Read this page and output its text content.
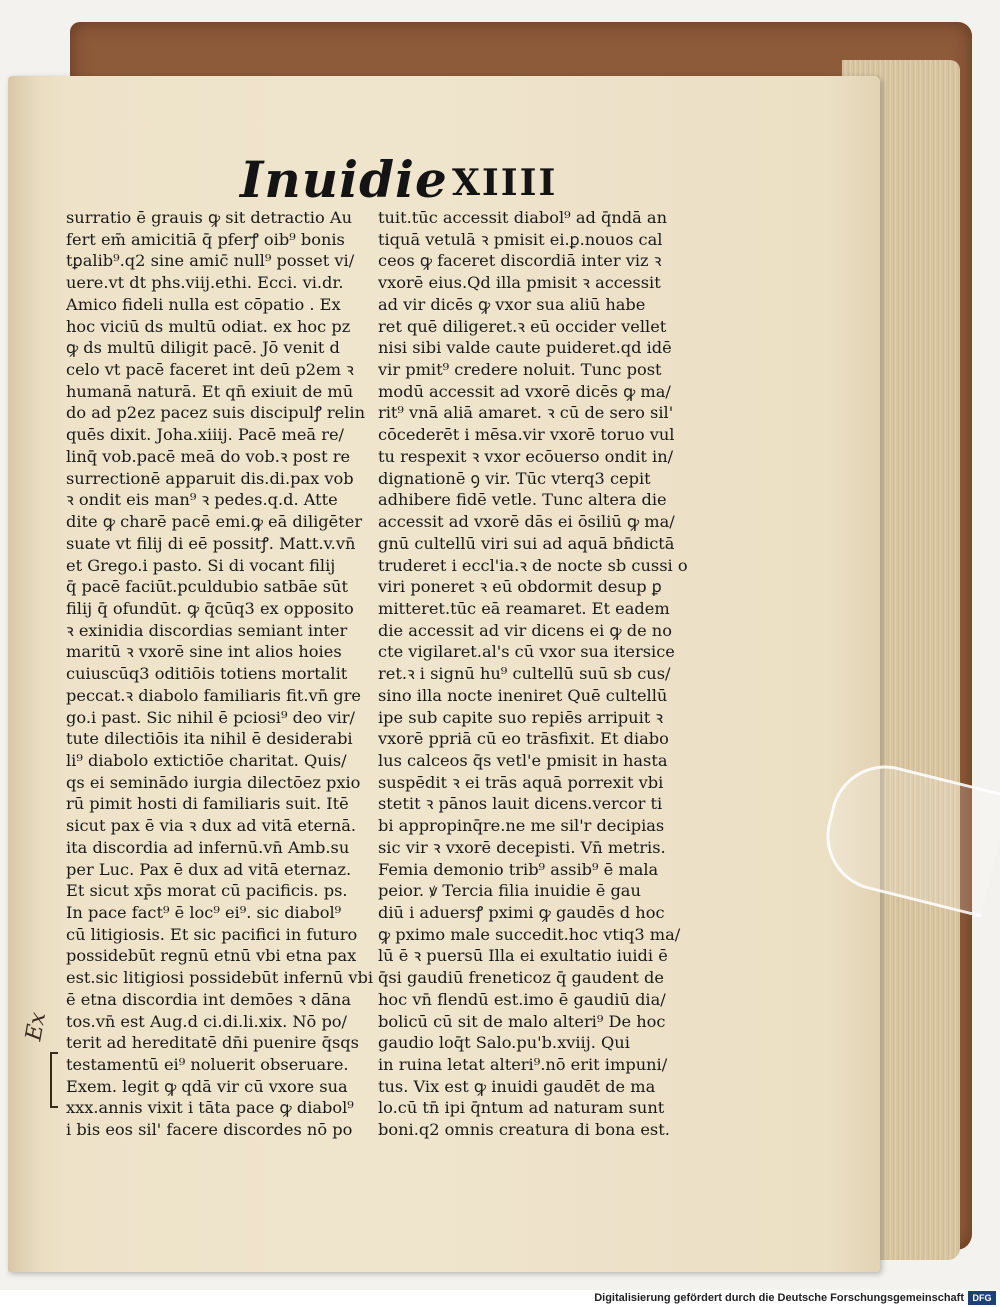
Inuidie XIIII
surratio ē grauis ꝙ sit detractio Au
fert em̄ amicitiā q̄ pferꝭ oib⁹ bonis
tꝑalib⁹.q2 sine amic̄ null⁹ posset vi/
uere.vt dt phs.viij.ethi. Ecci. vi.dr.
Amico fideli nulla est cōpatio . Ex
hoc viciū ds multū odiat. ex hoc pz
ꝙ ds multū diligit pacē. Jō venit d
celo vt pacē faceret int deū p2em ꝛ
humanā naturā. Et qn̄ exiuit de mū
do ad p2ez pacez suis discipulꝭ relin
quēs dixit. Joha.xiiij. Pacē meā re/
linq̄ vob.pacē meā do vob.ꝛ post re
surrectionē apparuit dis.di.pax vob
ꝛ ondit eis man⁹ ꝛ pedes.q.d. Atte
dite ꝙ charē pacē emi.ꝙ eā diligēter
suate vt filij di eē possitꝭ. Matt.v.vn̄
et Grego.i pasto. Si di vocant filij
q̄ pacē faciūt.pculdubio satbāe sūt
filij q̄ ofundūt. ꝙ q̄cūq3 ex opposito
ꝛ exinidia discordias semiant inter
maritū ꝛ vxorē sine int alios hoies
cuiuscūq3 oditiōis totiens mortalit
peccat.ꝛ diabolo familiaris fit.vn̄ gre
go.i past. Sic nihil ē pciosi⁹ deo vir/
tute dilectiōis ita nihil ē desiderabi
li⁹ diabolo extictiōe charitat. Quis/
qs ei seminādo iurgia dilectōez pxio
rū pimit hosti di familiaris suit. Itē
sicut pax ē via ꝛ dux ad vitā eternā.
ita discordia ad infernū.vn̄ Amb.su
per Luc. Pax ē dux ad vitā eternaz.
Et sicut xp̄s morat cū pacificis. ps.
In pace fact⁹ ē loc⁹ ei⁹. sic diabol⁹
cū litigiosis. Et sic pacifici in futuro
possidebūt regnū etnū vbi etna pax
est.sic litigiosi possidebūt infernū vbi
ē etna discordia int demōes ꝛ dāna
tos.vn̄ est Aug.d ci.di.li.xix. Nō po/
terit ad hereditatē dn̄i puenire q̄sqs
testamentū ei⁹ noluerit obseruare.
Exem. legit ꝙ qdā vir cū vxore sua
xxx.annis vixit i tāta pace ꝙ diabol⁹
i bis eos sil' facere discordes nō po
tuit.tūc accessit diabol⁹ ad q̄ndā an
tiquā vetulā ꝛ pmisit ei.ꝑ.nouos cal
ceos ꝙ faceret discordiā inter viz ꝛ
vxorē eius.Qd illa pmisit ꝛ accessit
ad vir dicēs ꝙ vxor sua aliū habe
ret quē diligeret.ꝛ eū occider vellet
nisi sibi valde caute puideret.qd idē
vir pmit⁹ credere noluit. Tunc post
modū accessit ad vxorē dicēs ꝙ ma/
rit⁹ vnā aliā amaret. ꝛ cū de sero sil'
cōcederēt i mēsa.vir vxorē toruo vul
tu respexit ꝛ vxor ecōuerso ondit in/
dignationē ꝯ vir. Tūc vterq3 cepit
adhibere fidē vetle. Tunc altera die
accessit ad vxorē dās ei ōsiliū ꝙ ma/
gnū cultellū viri sui ad aquā bn̄dictā
truderet i eccl'ia.ꝛ de nocte sb cussi o
viri poneret ꝛ eū obdormit desup ꝑ
mitteret.tūc eā reamaret. Et eadem
die accessit ad vir dicens ei ꝙ de no
cte vigilaret.al's cū vxor sua itersice
ret.ꝛ i signū hu⁹ cultellū suū sb cus/
sino illa nocte ineniret Quē cultellū
ipe sub capite suo repiēs arripuit ꝛ
vxorē ppriā cū eo trāsfixit. Et diabo
lus calceos q̄s vetl'e pmisit in hasta
suspēdit ꝛ ei trās aquā porrexit vbi
stetit ꝛ pānos lauit dicens.vercor ti
bi appropinq̄re.ne me sil'r decipias
sic vir ꝛ vxorē decepisti. Vn̄ metris.
Femia demonio trib⁹ assib⁹ ē mala
peior. ꝟ Tercia filia inuidie ē gau
diū i aduersꝭ pximi ꝙ gaudēs d hoc
ꝙ pximo male succedit.hoc vtiq3 ma/
lū ē ꝛ puersū Illa ei exultatio iuidi ē
q̄si gaudiū freneticoz q̄ gaudent de
hoc vn̄ flendū est.imo ē gaudiū dia/
bolicū cū sit de malo alteri⁹ De hoc
gaudio loq̄t Salo.pu'b.xviij. Qui
in ruina letat alteri⁹.nō erit impuni/
tus. Vix est ꝙ inuidi gaudēt de ma
lo.cū tn̄ ipi q̄ntum ad naturam sunt
boni.q2 omnis creatura di bona est.
Ex
Digitalisierung gefördert durch die Deutsche Forschungsgemeinschaft DFG
